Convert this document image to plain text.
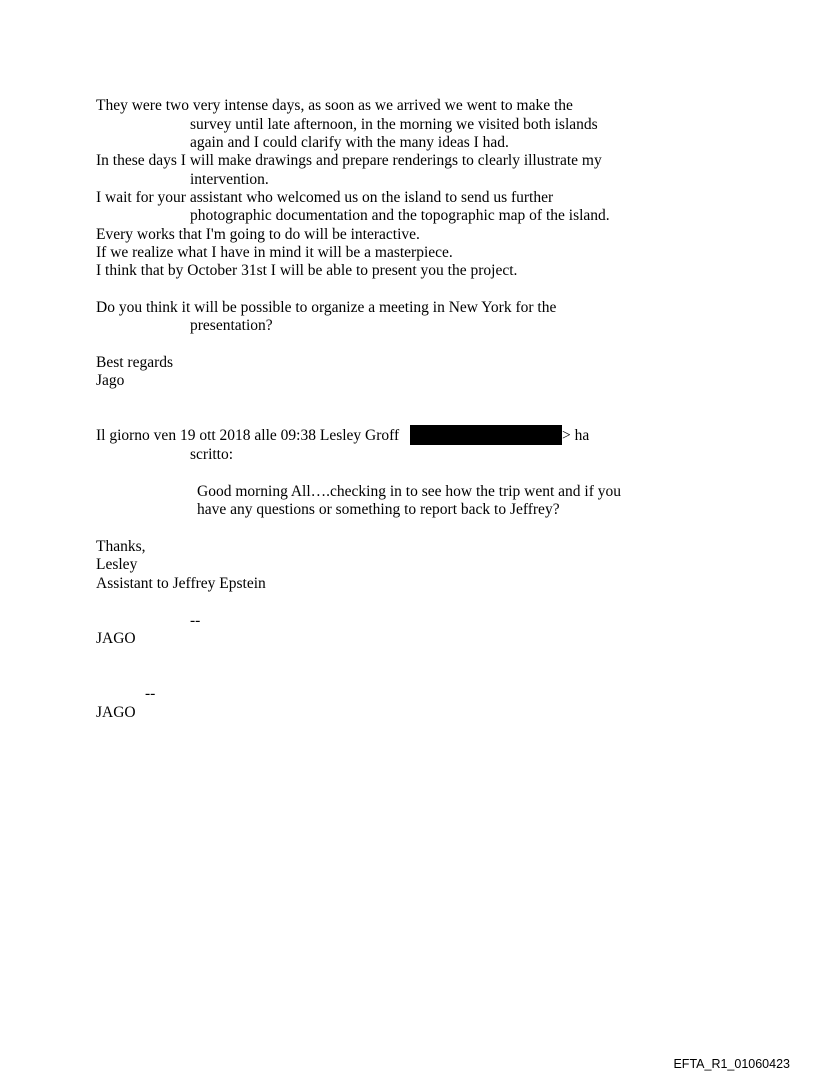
They were two very intense days, as soon as we arrived we went to make the
survey until late afternoon, in the morning we visited both islands
again and I could clarify with the many ideas I had.
In these days I will make drawings and prepare renderings to clearly illustrate my
intervention.
I wait for your assistant who welcomed us on the island to send us further
photographic documentation and the topographic map of the island.
Every works that I'm going to do will be interactive.
If we realize what I have in mind it will be a masterpiece.
I think that by October 31st I will be able to present you the project.
Do you think it will be possible to organize a meeting in New York for the
presentation?
Best regards
Jago
Il giorno ven 19 ott 2018 alle 09:38 Lesley Groff	> ha
scritto:
Good morning All….checking in to see how the trip went and if you
have any questions or something to report back to Jeffrey?
Thanks,
Lesley
Assistant to Jeffrey Epstein
--
JAGO
--
JAGO
EFTA_R1_01060423
